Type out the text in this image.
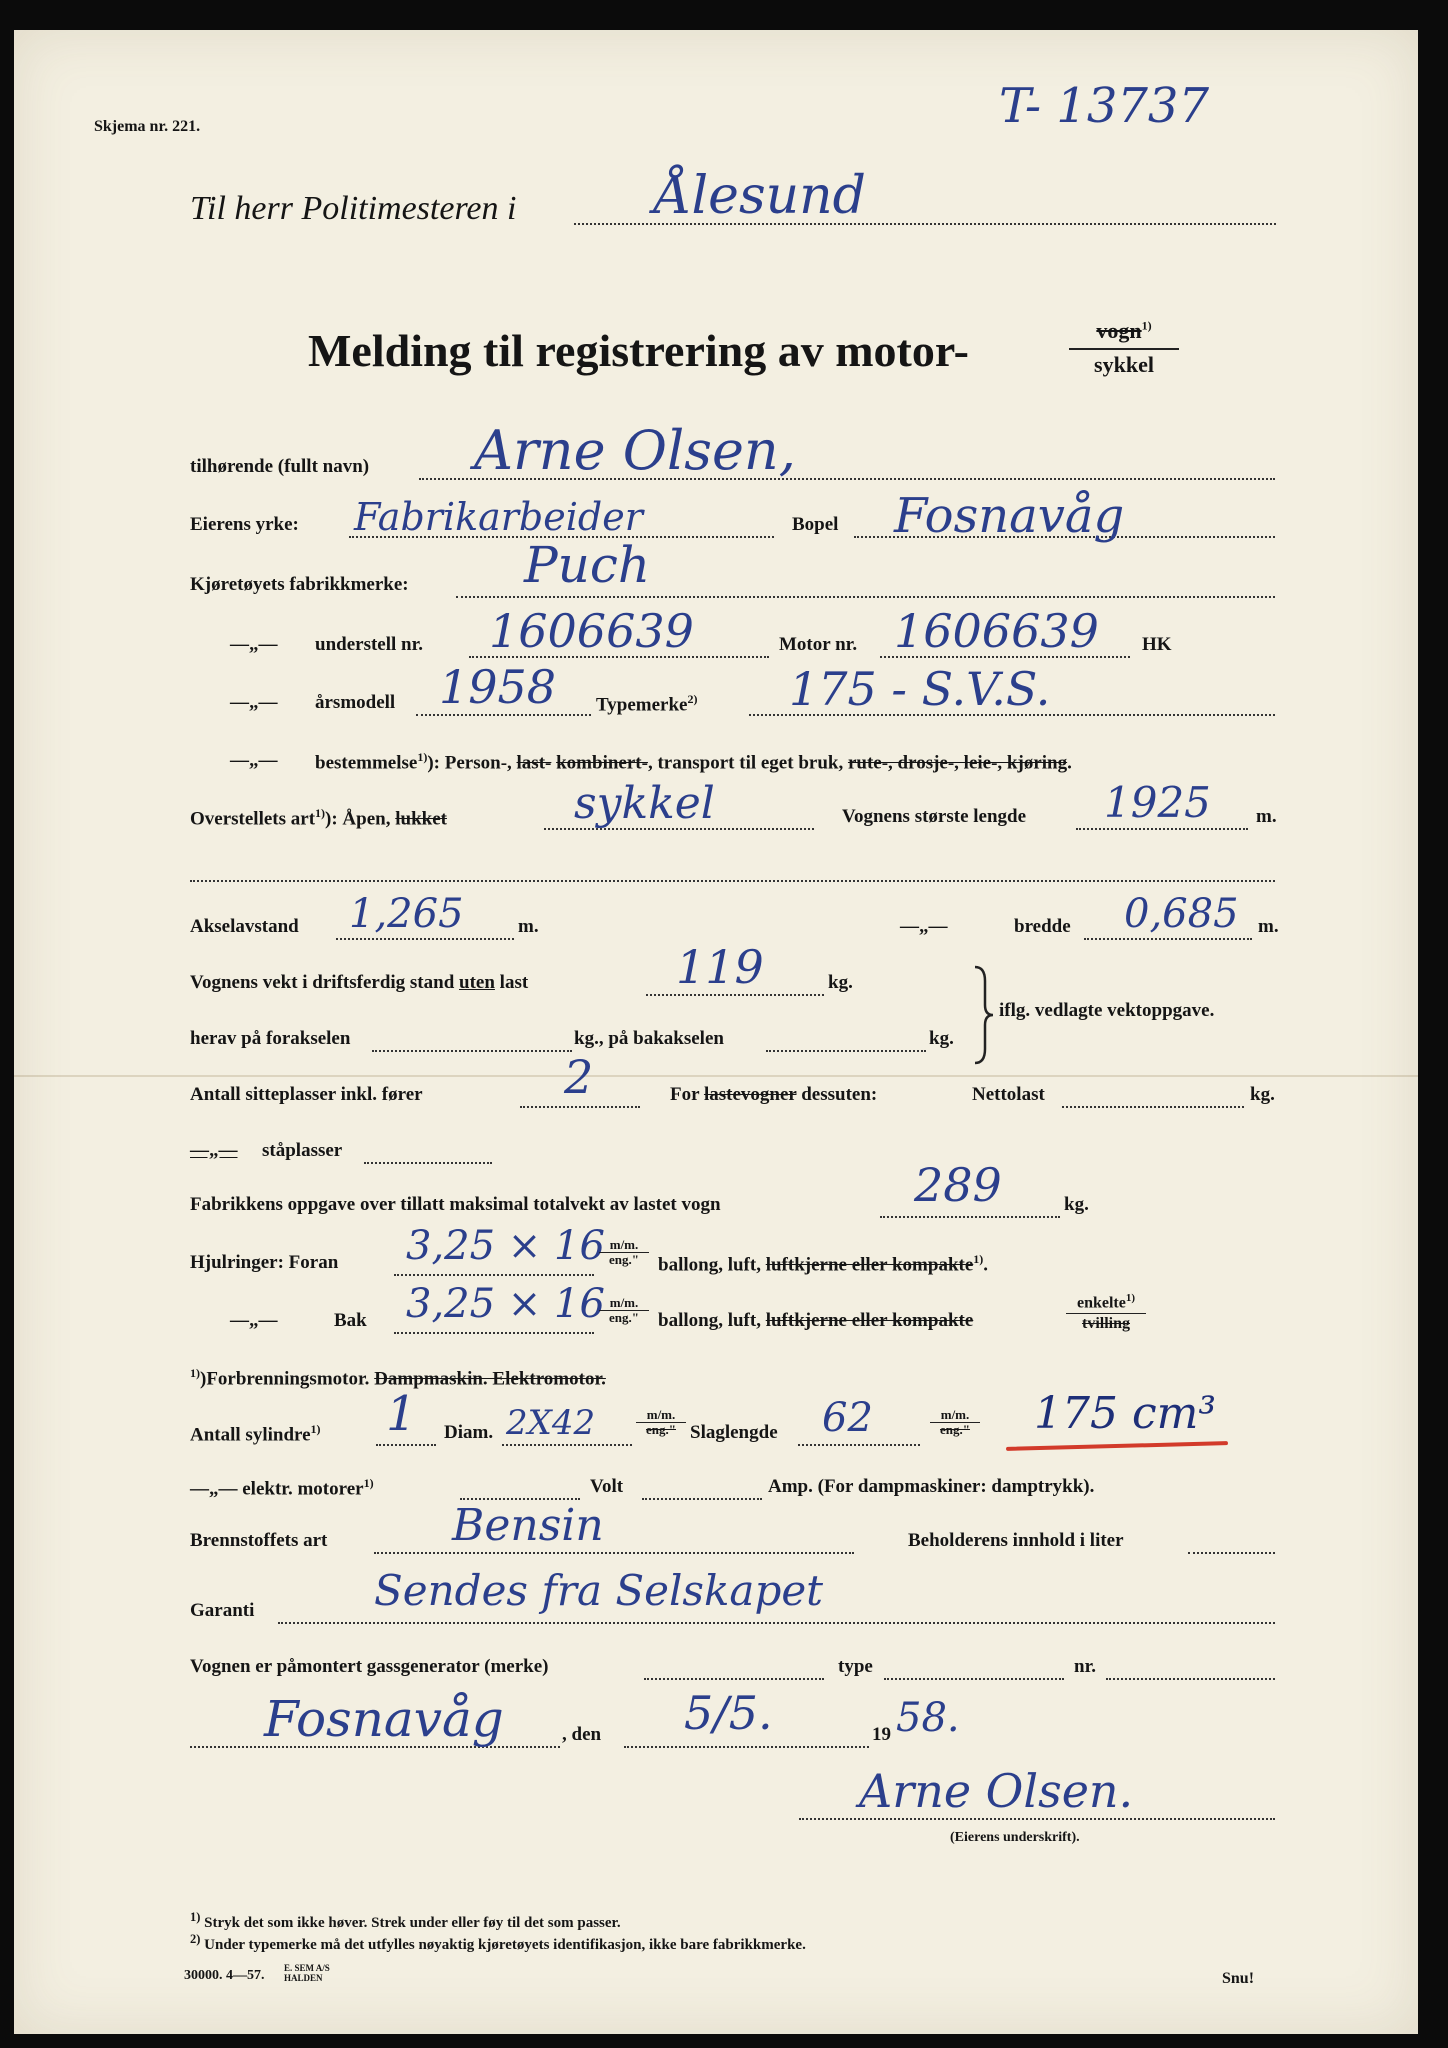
Skjema nr. 221.	T- 13737
Til herr Politimesteren i	Ålesund
Melding til registrering av motor-	vogn$^{1)}$
sykkel
tilhørende (fullt navn) Arne Olsen,
Eierens yrke: Fabrikarbeider	Bopel Fosnavåg
Kjøretøyets fabrikkmerke: Puch
—„— understell nr. 1606639	Motor nr. 1606639 HK
—„— årsmodell 1958 Typemerke$^{2)}$ 175 - S.V.S.
—„— bestemmelse$^{1)}$): Person-, last- kombinert-, transport til eget bruk, rute-, drosje-, leie-, kjøring.
Overstellets art$^{1)}$): Åpen, lukket	sykkel	Vognens største lengde 1925 m.
Akselavstand 1,265	m.	—„—	bredde 0,685 m.
Vognens vekt i driftsferdig stand uten last	119	kg.
herav på forakselen	kg., på bakakselen	kg.
iflg. vedlagte vektoppgave.
Antall sitteplasser inkl. fører	2	For lastevogner dessuten:	Nettolast	kg.
—„— ståplasser
Fabrikkens oppgave over tillatt maksimal totalvekt av lastet vogn	289	kg.
Hjulringer: Foran 3,25 × 16 m/m.
eng."	ballong, luft, luftkjerne eller kompakte$^{1)}$.
—„—	Bak 3,25 × 16 m/m.
eng."	ballong, luft, luftkjerne eller kompakte
enkelte$^{1)}$
tvilling
$^{1)}$)Forbrenningsmotor. Dampmaskin. Elektromotor.
Antall sylindre$^{1)}$ 1 Diam. 2X42	m/m.
eng." Slaglengde 62	m/m.
eng." 175 cm³
—„— elektr. motorer$^{1)}$	Volt	Amp. (For dampmaskiner: damptrykk).
Brennstoffets art	Bensin	Beholderens innhold i liter
Garanti	Sendes fra Selskapet
Vognen er påmontert gassgenerator (merke)	type	nr.
Fosnavåg	, den 5/5.	19 58.
Arne Olsen.
(Eierens underskrift).
$^{1)}$ Stryk det som ikke høver. Strek under eller føy til det som passer.
$^{2)}$ Under typemerke må det utfylles nøyaktig kjøretøyets identifikasjon, ikke bare fabrikkmerke.
30000. 4—57. E. SEM A/S
HALDEN	Snu!
